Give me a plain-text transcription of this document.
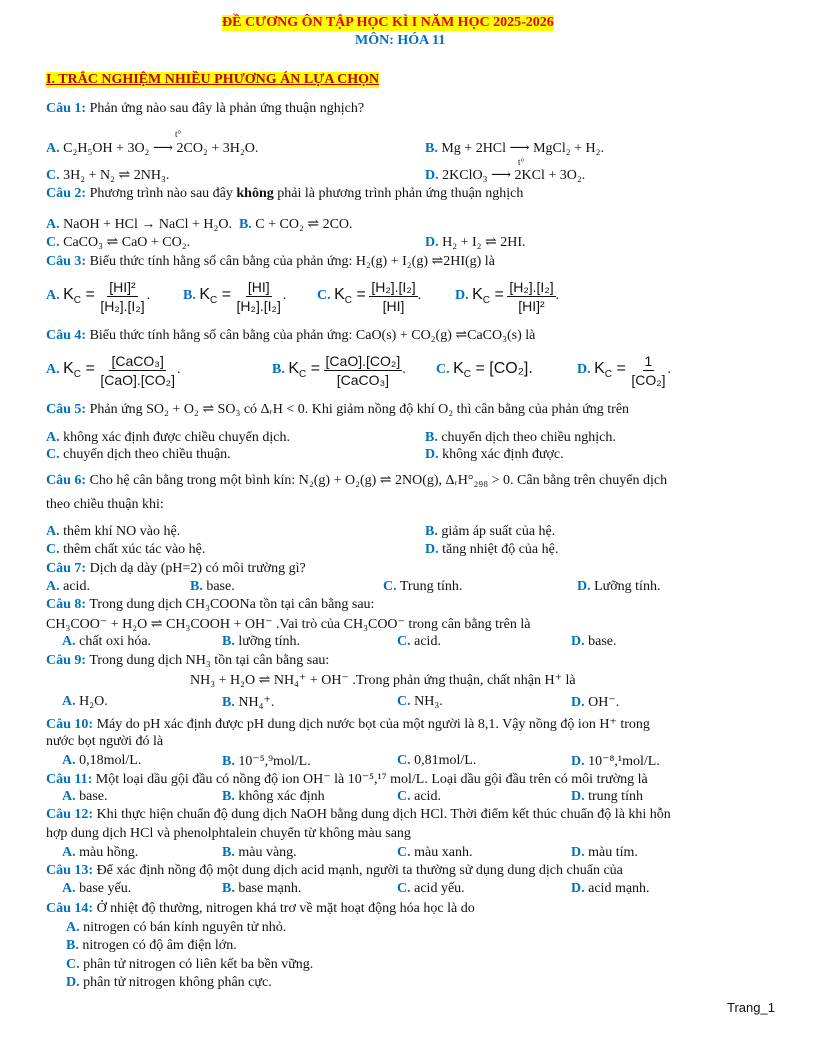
ĐỀ CƯƠNG ÔN TẬP HỌC KÌ I NĂM HỌC 2025-2026
MÔN: HÓA 11
I. TRẮC NGHIỆM NHIỀU PHƯƠNG ÁN LỰA CHỌN
Câu 1: Phản ứng nào sau đây là phản ứng thuận nghịch?
A. C₂H₅OH + 3O₂ ⟶ 2CO₂ + 3H₂O.
t°
B. Mg + 2HCl ⟶ MgCl₂ + H₂.
C. 3H₂ + N₂ ⇌ 2NH₃.	D. 2KClO₃ ⟶ 2KCl + 3O₂.
t°
Câu 2: Phương trình nào sau đây không phải là phương trình phản ứng thuận nghịch
A. NaOH + HCl → NaCl + H₂O. B. C + CO₂ ⇌ 2CO.
C. CaCO₃ ⇌ CaO + CO₂.	D. H₂ + I₂ ⇌ 2HI.
Câu 3: Biểu thức tính hằng số cân bằng của phản ứng: H₂(g) + I₂(g) ⇌2HI(g) là
A.
$K_C$ =
$\frac{\text{[HI]²}}{\text{[H₂].[I₂]}}$ . B.
$K_C$ =
$\frac{[HI]}{\text{[H₂].[I₂]}}$ . C.
$K_C$ =
$\frac{\text{[H₂].[I₂]}}{[HI]}$ . D.
$K_C$ =
$\frac{\text{[H₂].[I₂]}}{\text{[HI]²}}$ .
Câu 4: Biểu thức tính hằng số cân bằng của phản ứng: CaO(s) + CO₂(g) ⇌CaCO₃(s) là
A.
$K_C$ =
$\frac{\text{[CaCO₃]}}{\text{[CaO].[CO₂]}}$ .	B.
$K_C$ =
$\frac{\text{[CaO].[CO₂]}}{\text{[CaCO₃]}}$ . C.
$K_C = [CO_2]$.	D.
$K_C$ =
$\frac{1}{\text{[CO₂]}}$ .
Câu 5: Phản ứng SO₂ + O₂ ⇌ SO₃ có ΔᵣH < 0. Khi giảm nồng độ khí O₂ thì cân bằng của phản ứng trên
A. không xác định được chiều chuyển dịch.	B. chuyển dịch theo chiều nghịch.
C. chuyển dịch theo chiều thuận.	D. không xác định được.
Câu 6: Cho hệ cân bằng trong một bình kín: N₂(g) + O₂(g) ⇌ 2NO(g), ΔᵣH°₂₉₈ > 0. Cân bằng trên chuyển dịch
theo chiều thuận khi:
A. thêm khí NO vào hệ.	B. giảm áp suất của hệ.
C. thêm chất xúc tác vào hệ.	D. tăng nhiệt độ của hệ.
Câu 7: Dịch dạ dày (pH=2) có môi trường gì?
A. acid.	B. base.	C. Trung tính.	D. Lưỡng tính.
Câu 8: Trong dung dịch CH₃COONa tồn tại cân bằng sau:
CH₃COO⁻ + H₂O ⇌ CH₃COOH + OH⁻ .Vai trò của CH₃COO⁻ trong cân bằng trên là
A. chất oxi hóa.	B. lưỡng tính.	C. acid.	D. base.
Câu 9: Trong dung dịch NH₃ tồn tại cân bằng sau:
NH₃ + H₂O ⇌ NH₄⁺ + OH⁻ .Trong phản ứng thuận, chất nhận H⁺ là
A. H₂O.	B. NH₄⁺.	C. NH₃.	D. OH⁻.
Câu 10: Máy do pH xác định được pH dung dịch nước bọt của một người là 8,1. Vậy nồng độ ion H⁺ trong
nước bọt người đó là
A. 0,18mol/L.	B. 10⁻⁵,⁹mol/L.	C. 0,81mol/L.	D. 10⁻⁸,¹mol/L.
Câu 11: Một loại dầu gội đầu có nồng độ ion OH⁻ là 10⁻⁵,¹⁷ mol/L. Loại dầu gội đầu trên có môi trường là
A. base.	B. không xác định	C. acid.	D. trung tính
Câu 12: Khi thực hiện chuẩn độ dung dịch NaOH bằng dung dịch HCl. Thời điểm kết thúc chuẩn độ là khi hỗn
hợp dung dịch HCl và phenolphtalein chuyển từ không màu sang
A. màu hồng.	B. màu vàng.	C. màu xanh.	D. màu tím.
Câu 13: Để xác định nồng độ một dung dịch acid mạnh, người ta thường sử dụng dung dịch chuẩn của
A. base yếu.	B. base mạnh.	C. acid yếu.	D. acid mạnh.
Câu 14: Ở nhiệt độ thường, nitrogen khá trơ về mặt hoạt động hóa học là do
A. nitrogen có bán kính nguyên tử nhỏ.
B. nitrogen có độ âm điện lớn.
C. phân tử nitrogen có liên kết ba bền vững.
D. phân tử nitrogen không phân cực.
Trang_1
